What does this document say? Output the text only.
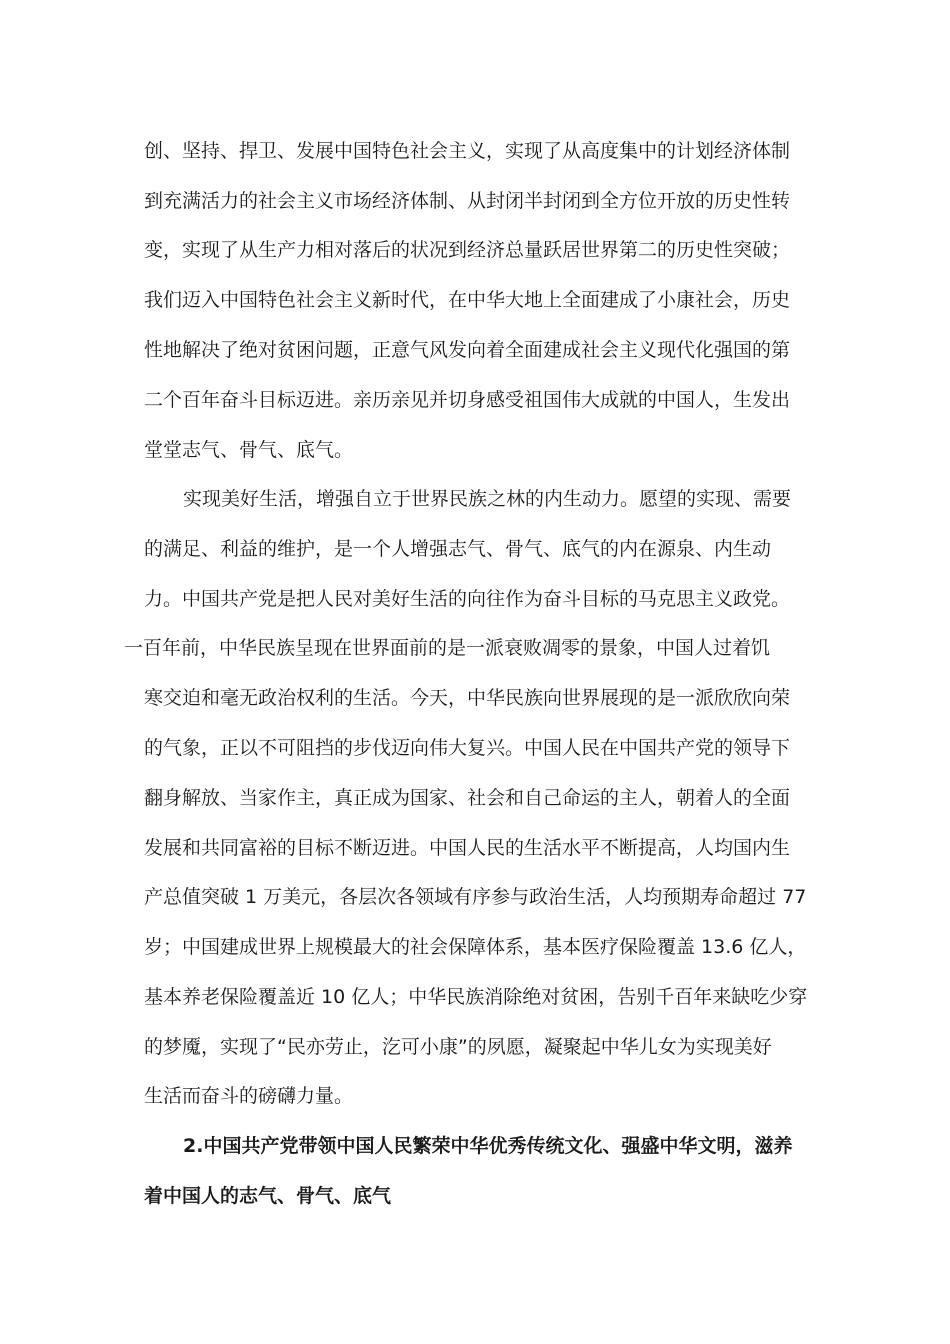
创、坚持、捍卫、发展中国特色社会主义，实现了从高度集中的计划经济体制
到充满活力的社会主义市场经济体制、从封闭半封闭到全方位开放的历史性转
变，实现了从生产力相对落后的状况到经济总量跃居世界第二的历史性突破；
我们迈入中国特色社会主义新时代，在中华大地上全面建成了小康社会，历史
性地解决了绝对贫困问题，正意气风发向着全面建成社会主义现代化强国的第
二个百年奋斗目标迈进。亲历亲见并切身感受祖国伟大成就的中国人，生发出
堂堂志气、骨气、底气。
实现美好生活，增强自立于世界民族之林的内生动力。愿望的实现、需要
的满足、利益的维护，是一个人增强志气、骨气、底气的内在源泉、内生动
力。中国共产党是把人民对美好生活的向往作为奋斗目标的马克思主义政党。
一百年前，中华民族呈现在世界面前的是一派衰败凋零的景象，中国人过着饥
寒交迫和毫无政治权利的生活。今天，中华民族向世界展现的是一派欣欣向荣
的气象，正以不可阻挡的步伐迈向伟大复兴。中国人民在中国共产党的领导下
翻身解放、当家作主，真正成为国家、社会和自己命运的主人，朝着人的全面
发展和共同富裕的目标不断迈进。中国人民的生活水平不断提高，人均国内生
产总值突破 1 万美元，各层次各领域有序参与政治生活，人均预期寿命超过 77
岁；中国建成世界上规模最大的社会保障体系，基本医疗保险覆盖 13.6 亿人，
基本养老保险覆盖近 10 亿人；中华民族消除绝对贫困，告别千百年来缺吃少穿
的梦魇，实现了“民亦劳止，汔可小康”的夙愿，凝聚起中华儿女为实现美好
生活而奋斗的磅礴力量。
2.中国共产党带领中国人民繁荣中华优秀传统文化、强盛中华文明，滋养
着中国人的志气、骨气、底气
